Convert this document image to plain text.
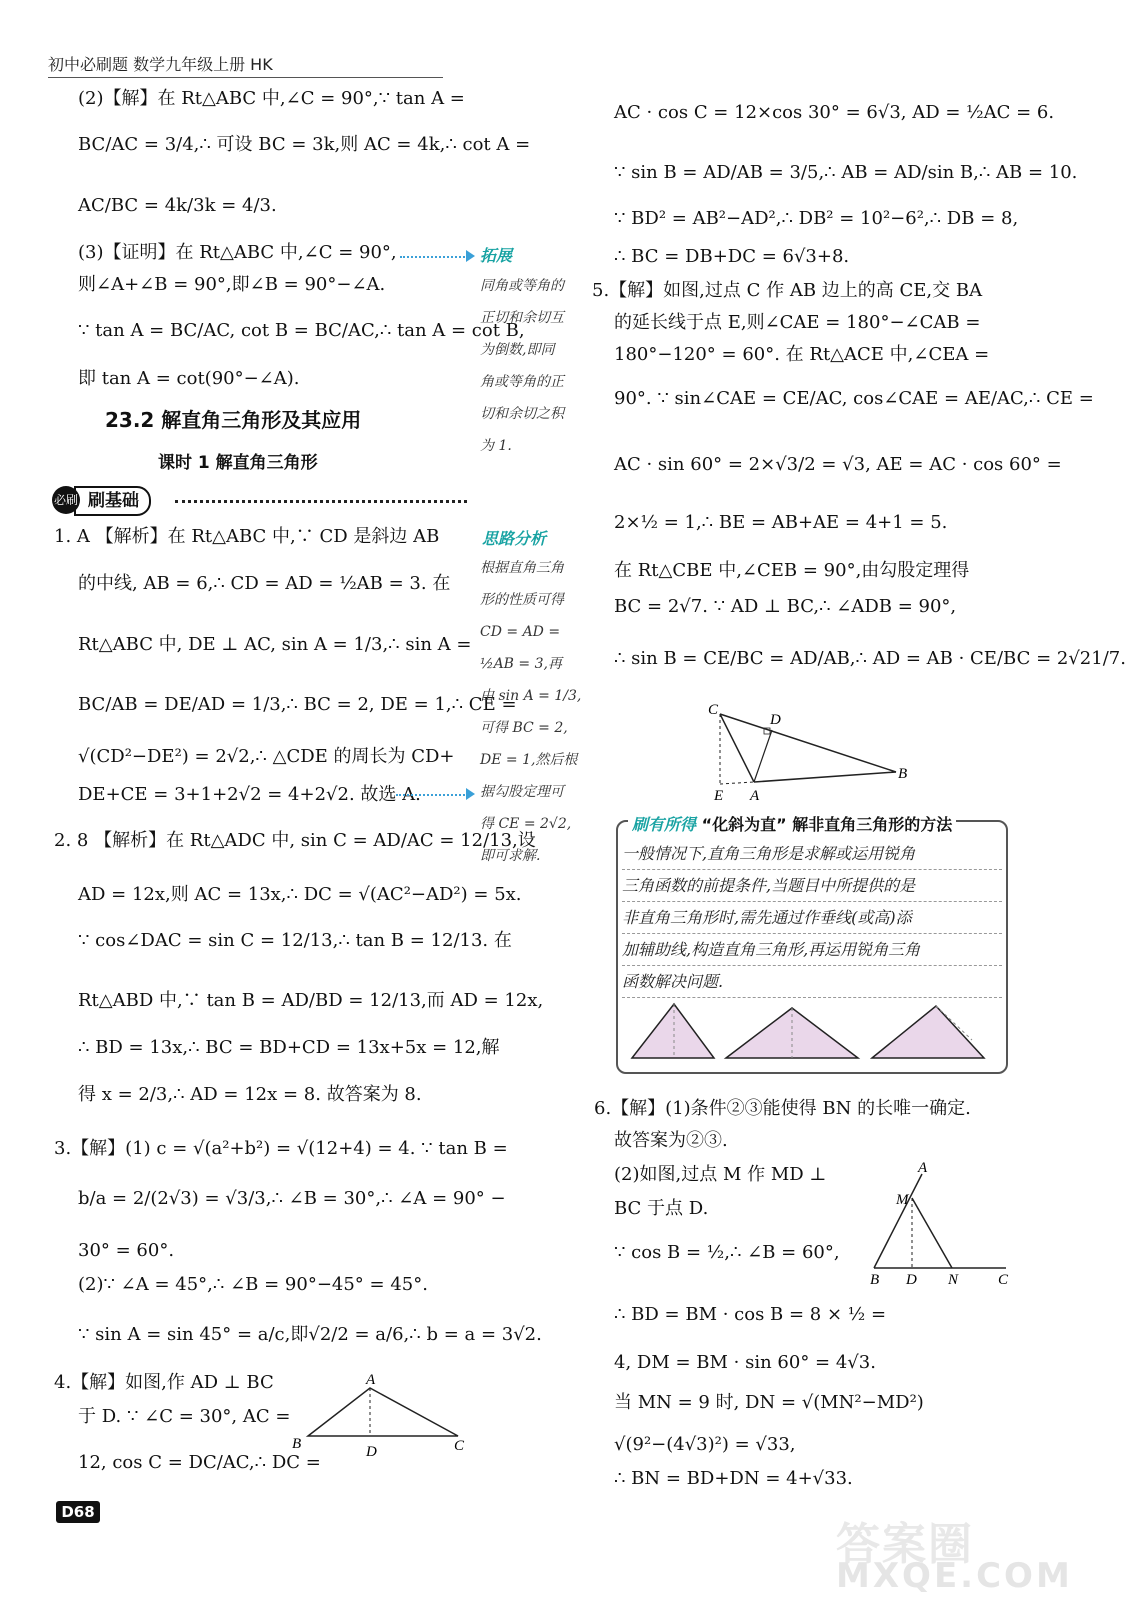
初中必刷题 数学九年级上册 HK
(2)【解】在 Rt△ABC 中,∠C = 90°,∵ tan A =
BC/AC = 3/4,∴ 可设 BC = 3k,则 AC = 4k,∴ cot A =
AC/BC = 4k/3k = 4/3.
(3)【证明】在 Rt△ABC 中,∠C = 90°,
则∠A+∠B = 90°,即∠B = 90°−∠A.
∵ tan A = BC/AC, cot B = BC/AC,∴ tan A = cot B,
即 tan A = cot(90°−∠A).
23.2 解直角三角形及其应用
课时 1 解直角三角形
刷基础
必刷
1. A 【解析】在 Rt△ABC 中,∵ CD 是斜边 AB
的中线, AB = 6,∴ CD = AD = ½AB = 3. 在
Rt△ABC 中, DE ⊥ AC, sin A = 1/3,∴ sin A =
BC/AB = DE/AD = 1/3,∴ BC = 2, DE = 1,∴ CE =
√(CD²−DE²) = 2√2,∴ △CDE 的周长为 CD+
DE+CE = 3+1+2√2 = 4+2√2. 故选 A.
2. 8 【解析】在 Rt△ADC 中, sin C = AD/AC = 12/13,设
AD = 12x,则 AC = 13x,∴ DC = √(AC²−AD²) = 5x.
∵ cos∠DAC = sin C = 12/13,∴ tan B = 12/13. 在
Rt△ABD 中,∵ tan B = AD/BD = 12/13,而 AD = 12x,
∴ BD = 13x,∴ BC = BD+CD = 13x+5x = 12,解
得 x = 2/3,∴ AD = 12x = 8. 故答案为 8.
3.【解】(1) c = √(a²+b²) = √(12+4) = 4. ∵ tan B =
b/a = 2/(2√3) = √3/3,∴ ∠B = 30°,∴ ∠A = 90° −
30° = 60°.
(2)∵ ∠A = 45°,∴ ∠B = 90°−45° = 45°.
∵ sin A = sin 45° = a/c,即√2/2 = a/6,∴ b = a = 3√2.
4.【解】如图,作 AD ⊥ BC
于 D. ∵ ∠C = 30°, AC =
12, cos C = DC/AC,∴ DC =
A
B	C
D
拓展
同角或等角的
正切和余切互
为倒数,即同
角或等角的正
切和余切之积
为 1.
思路分析
根据直角三角
形的性质可得
CD = AD =
½AB = 3,再
由 sin A = 1/3,
可得 BC = 2,
DE = 1,然后根
据勾股定理可
得 CE = 2√2,
即可求解.
AC · cos C = 12×cos 30° = 6√3, AD = ½AC = 6.
∵ sin B = AD/AB = 3/5,∴ AB = AD/sin B,∴ AB = 10.
∵ BD² = AB²−AD²,∴ DB² = 10²−6²,∴ DB = 8,
∴ BC = DB+DC = 6√3+8.
5.【解】如图,过点 C 作 AB 边上的高 CE,交 BA
的延长线于点 E,则∠CAE = 180°−∠CAB =
180°−120° = 60°. 在 Rt△ACE 中,∠CEA =
90°. ∵ sin∠CAE = CE/AC, cos∠CAE = AE/AC,∴ CE =
AC · sin 60° = 2×√3/2 = √3, AE = AC · cos 60° =
2×½ = 1,∴ BE = AB+AE = 4+1 = 5.
在 Rt△CBE 中,∠CEB = 90°,由勾股定理得
BC = 2√7. ∵ AD ⊥ BC,∴ ∠ADB = 90°,
∴ sin B = CE/BC = AD/AB,∴ AD = AB · CE/BC = 2√21/7.
C
D
E A
B
刷有所得 “化斜为直” 解非直角三角形的方法
一般情况下,直角三角形是求解或运用锐角
三角函数的前提条件,当题目中所提供的是
非直角三角形时,需先通过作垂线(或高)添
加辅助线,构造直角三角形,再运用锐角三角
函数解决问题.
6.【解】(1)条件②③能使得 BN 的长唯一确定.
故答案为②③.
(2)如图,过点 M 作 MD ⊥
BC 于点 D.
∵ cos B = ½,∴ ∠B = 60°,
∴ BD = BM · cos B = 8 × ½ =
4, DM = BM · sin 60° = 4√3.
当 MN = 9 时, DN = √(MN²−MD²)
√(9²−(4√3)²) = √33,
∴ BN = BD+DN = 4+√33.
A
M
B D N	C
D68
答案圈
MXQE.COM
